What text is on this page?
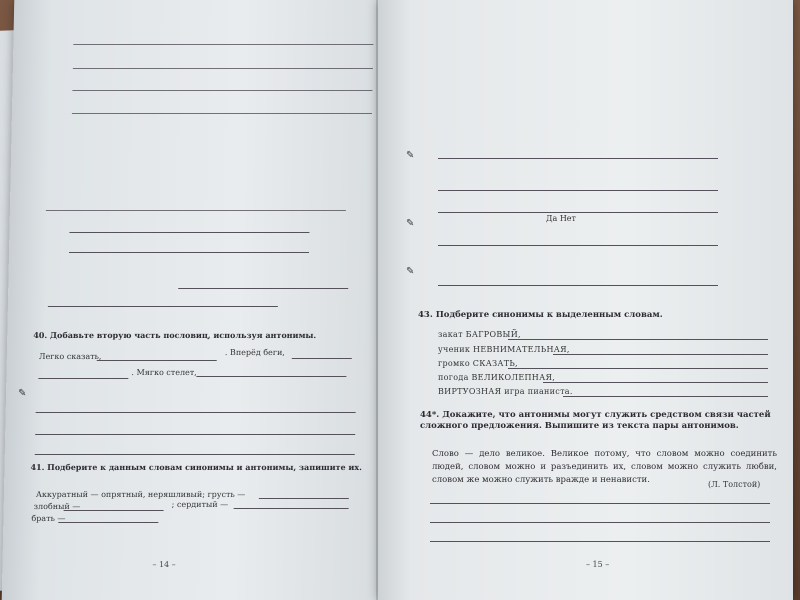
40. Добавьте вторую часть пословиц, используя антонимы.
Легко сказать,	. Вперёд беги,
. Мягко стелет,
✎
41. Подберите к данным словам синонимы и антонимы, запишите их.
Аккуратный — опрятный, неряшливый; грусть —
злобный —	; сердитый —
брать —
– 14 –
✎
Да Нет
✎
✎
43. Подберите синонимы к выделенным словам.
закат БАГРОВЫЙ,
ученик НЕВНИМАТЕЛЬНАЯ,
громко СКАЗАТЬ,
погода ВЕЛИКОЛЕПНАЯ,
ВИРТУОЗНАЯ игра пианиста.
44*. Докажите, что антонимы могут служить средством связи частей сложного предложения. Выпишите из текста пары антонимов.
(Л. Толстой)
– 15 –
Слово — дело великое. Великое потому, что словом можно соединить людей, словом можно и разъединить их, словом можно служить любви, словом же можно служить вражде и ненависти.
